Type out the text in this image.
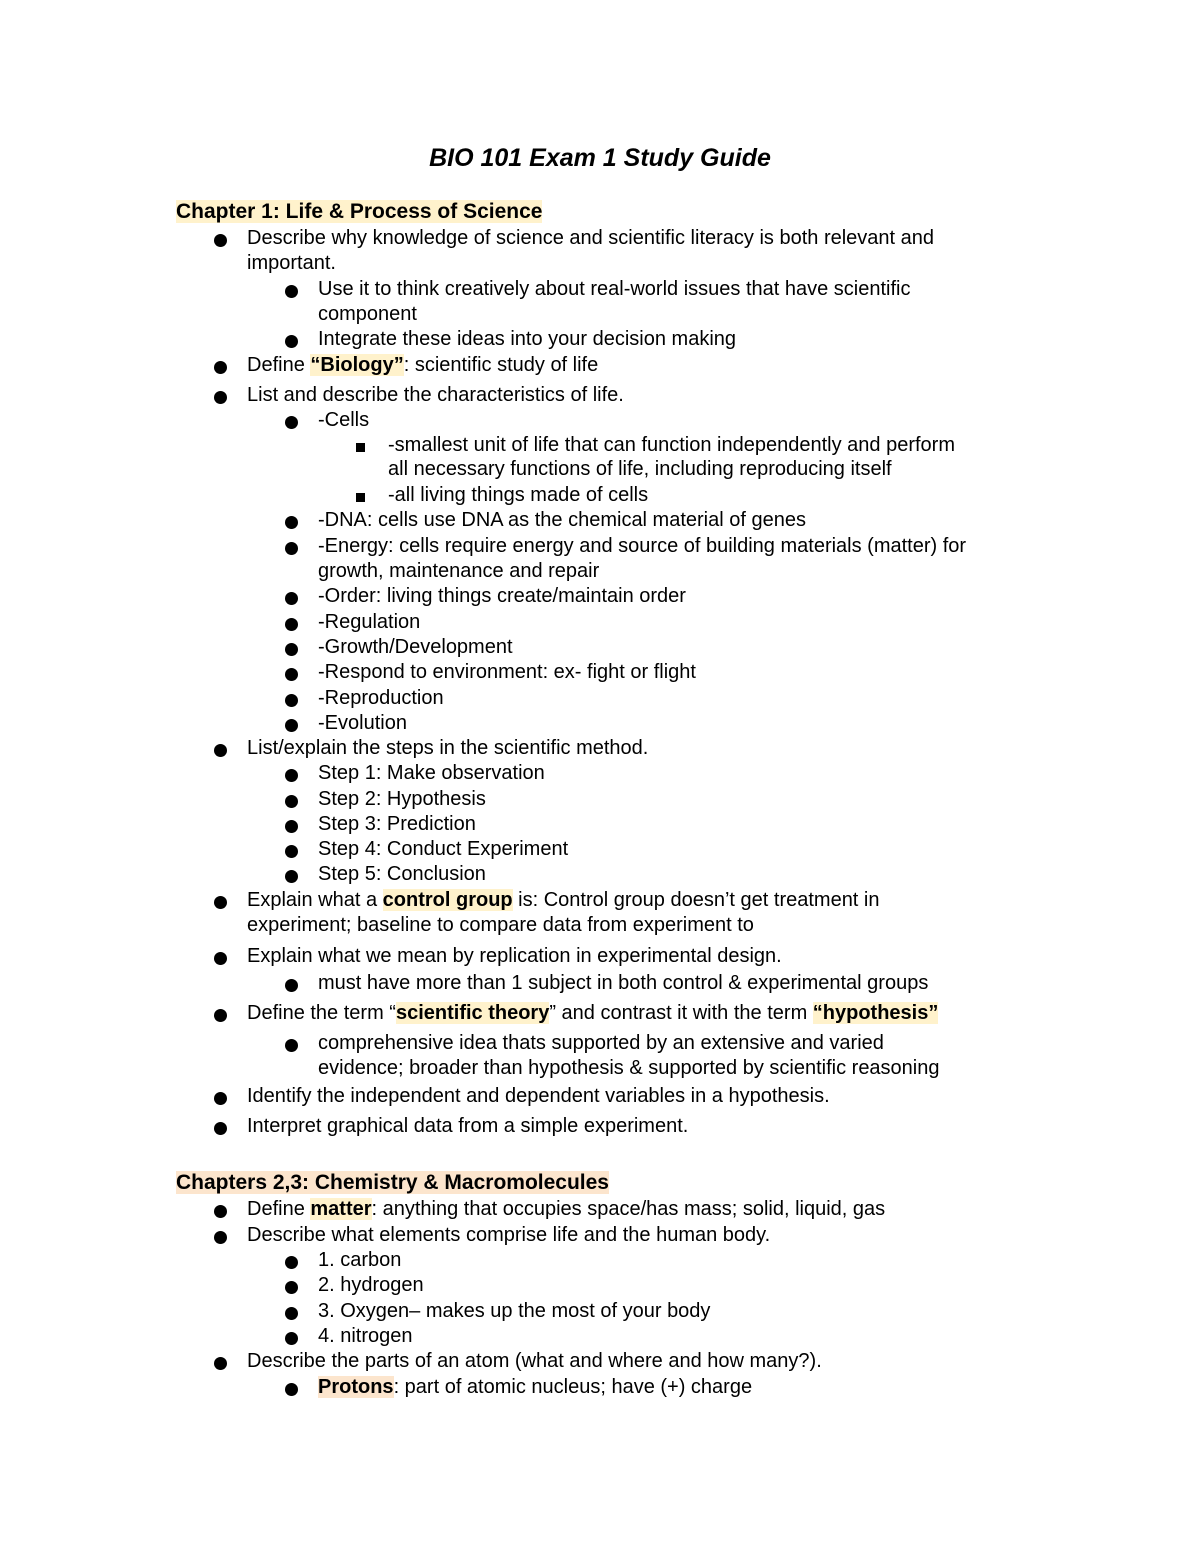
BIO 101 Exam 1 Study Guide
Chapter 1: Life & Process of Science
Describe why knowledge of science and scientific literacy is both relevant and
important.
Use it to think creatively about real-world issues that have scientific
component
Integrate these ideas into your decision making
Define “Biology”: scientific study of life
List and describe the characteristics of life.
-Cells
-smallest unit of life that can function independently and perform
all necessary functions of life, including reproducing itself
-all living things made of cells
-DNA: cells use DNA as the chemical material of genes
-Energy: cells require energy and source of building materials (matter) for
growth, maintenance and repair
-Order: living things create/maintain order
-Regulation
-Growth/Development
-Respond to environment: ex- fight or flight
-Reproduction
-Evolution
List/explain the steps in the scientific method.
Step 1: Make observation
Step 2: Hypothesis
Step 3: Prediction
Step 4: Conduct Experiment
Step 5: Conclusion
Explain what a control group is: Control group doesn’t get treatment in
experiment; baseline to compare data from experiment to
Explain what we mean by replication in experimental design.
must have more than 1 subject in both control & experimental groups
Define the term “scientific theory” and contrast it with the term “hypothesis”
comprehensive idea thats supported by an extensive and varied
evidence; broader than hypothesis & supported by scientific reasoning
Identify the independent and dependent variables in a hypothesis.
Interpret graphical data from a simple experiment.
Chapters 2,3: Chemistry & Macromolecules
Define matter: anything that occupies space/has mass; solid, liquid, gas
Describe what elements comprise life and the human body.
1. carbon
2. hydrogen
3. Oxygen– makes up the most of your body
4. nitrogen
Describe the parts of an atom (what and where and how many?).
Protons: part of atomic nucleus; have (+) charge
